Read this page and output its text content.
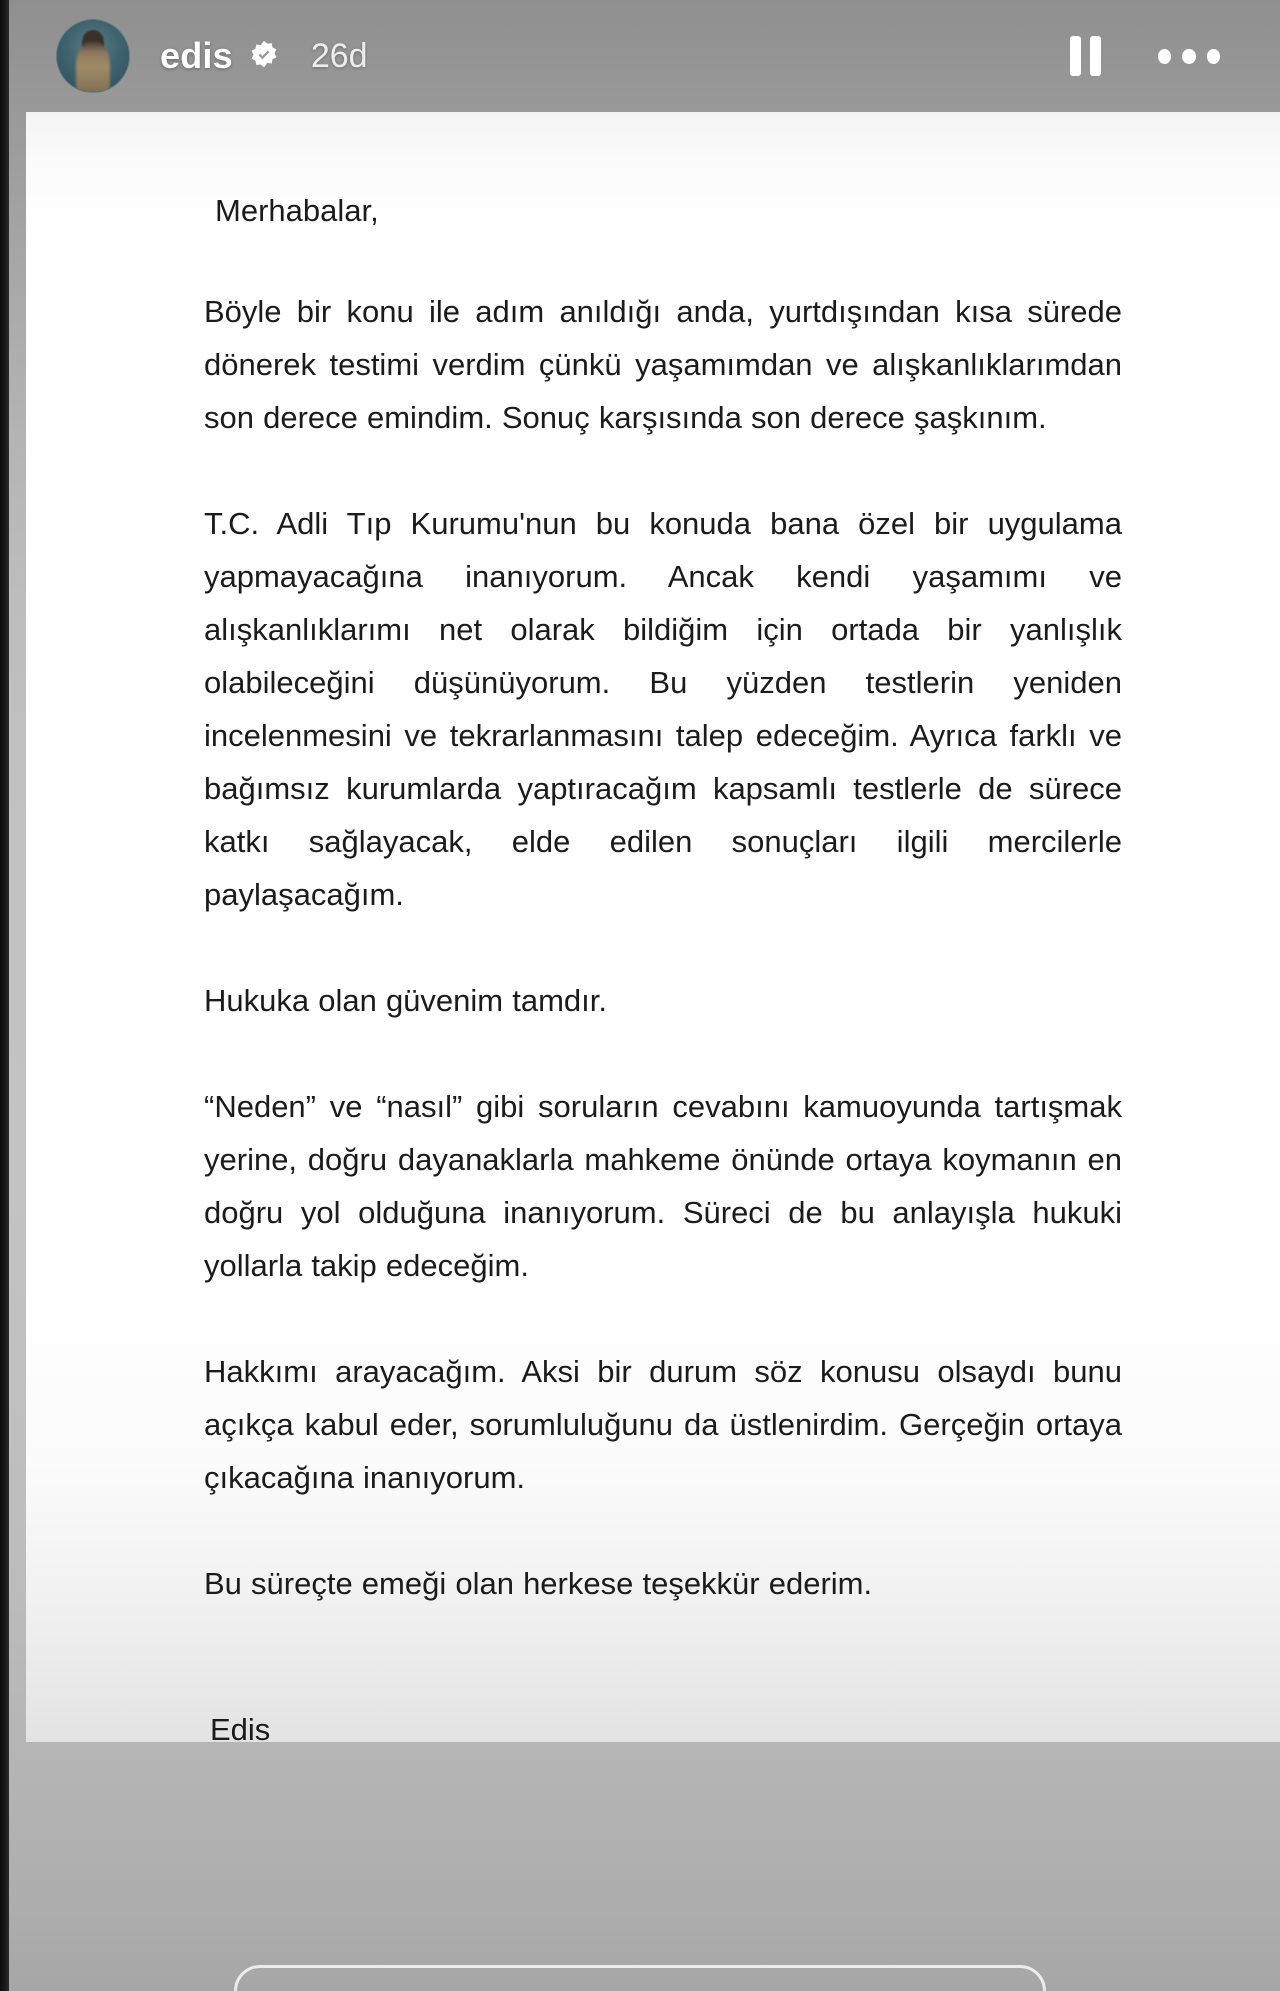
edis 26d
Merhabalar,
Böyle bir konu ile adım anıldığı anda, yurtdışından kısa sürede dönerek testimi verdim çünkü yaşamımdan ve alışkanlıklarımdan son derece emindim. Sonuç karşısında son derece şaşkınım.
T.C. Adli Tıp Kurumu'nun bu konuda bana özel bir uygulama yapmayacağına inanıyorum. Ancak kendi yaşamımı ve alışkanlıklarımı net olarak bildiğim için ortada bir yanlışlık olabileceğini düşünüyorum. Bu yüzden testlerin yeniden incelenmesini ve tekrarlanmasını talep edeceğim. Ayrıca farklı ve bağımsız kurumlarda yaptıracağım kapsamlı testlerle de sürece katkı sağlayacak, elde edilen sonuçları ilgili mercilerle paylaşacağım.
Hukuka olan güvenim tamdır.
“Neden” ve “nasıl” gibi soruların cevabını kamuoyunda tartışmak yerine, doğru dayanaklarla mahkeme önünde ortaya koymanın en doğru yol olduğuna inanıyorum. Süreci de bu anlayışla hukuki yollarla takip edeceğim.
Hakkımı arayacağım. Aksi bir durum söz konusu olsaydı bunu açıkça kabul eder, sorumluluğunu da üstlenirdim. Gerçeğin ortaya çıkacağına inanıyorum.
Bu süreçte emeği olan herkese teşekkür ederim.
Edis
